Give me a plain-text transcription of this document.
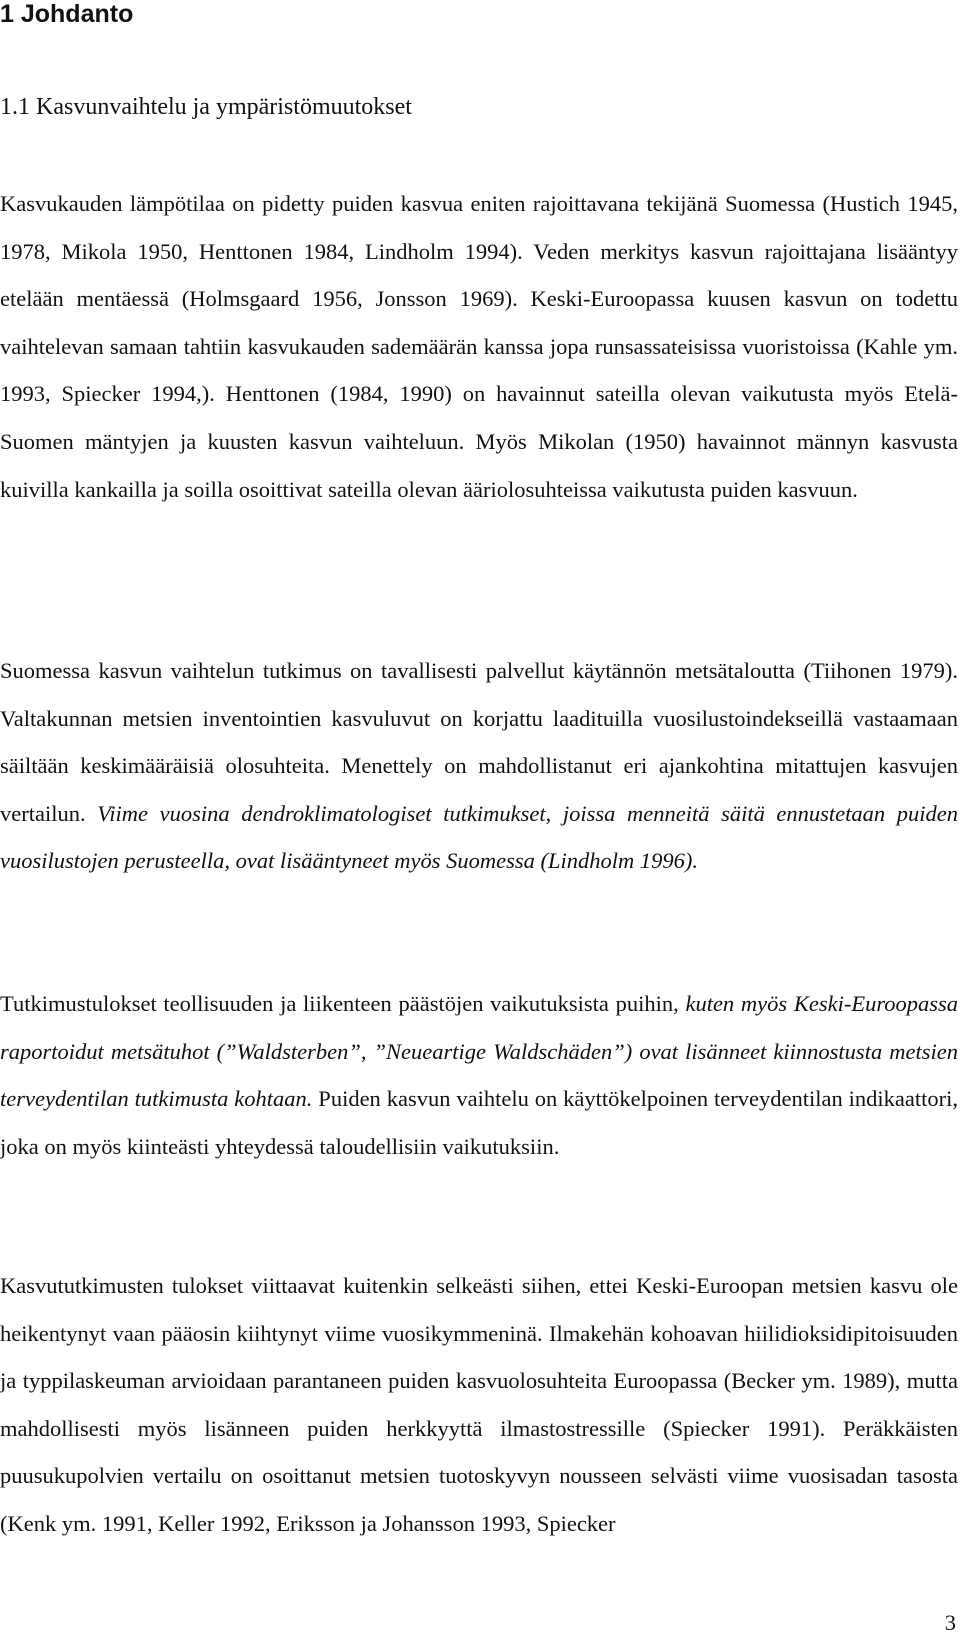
1 Johdanto
1.1 Kasvunvaihtelu ja ympäristömuutokset

Kasvukauden lämpötilaa on pidetty puiden kasvua eniten rajoittavana tekijänä Suomessa (Hustich 1945, 1978, Mikola 1950, Henttonen 1984, Lindholm 1994). Veden merkitys kasvun rajoittajana lisääntyy etelään mentäessä (Holmsgaard 1956, Jonsson 1969). Keski-Euroopassa kuusen kasvun on todettu vaihtelevan samaan tahtiin kasvukauden sademäärän kanssa jopa runsassateisissa vuoristoissa (Kahle ym. 1993, Spiecker 1994,). Henttonen (1984, 1990) on havainnut sateilla olevan vaikutusta myös Etelä-Suomen mäntyjen ja kuusten kasvun vaihteluun. Myös Mikolan (1950) havainnot männyn kasvusta kuivilla kankailla ja soilla osoittivat sateilla olevan ääriolosuhteissa vaikutusta puiden kasvuun.

Suomessa kasvun vaihtelun tutkimus on tavallisesti palvellut käytännön metsätaloutta (Tiihonen 1979). Valtakunnan metsien inventointien kasvuluvut on korjattu laadituilla vuosilustoindekseillä vastaamaan säiltään keskimääräisiä olosuhteita. Menettely on mahdollistanut eri ajankohtina mitattujen kasvujen vertailun. Viime vuosina dendroklimatologiset tutkimukset, joissa menneitä säitä ennustetaan puiden vuosilustojen perusteella, ovat lisääntyneet myös Suomessa (Lindholm 1996).

Tutkimustulokset teollisuuden ja liikenteen päästöjen vaikutuksista puihin, kuten myös Keski-Euroopassa raportoidut metsätuhot (”Waldsterben”, ”Neueartige Waldschäden”) ovat lisänneet kiinnostusta metsien terveydentilan tutkimusta kohtaan. Puiden kasvun vaihtelu on käyttökelpoinen terveydentilan indikaattori, joka on myös kiinteästi yhteydessä taloudellisiin vaikutuksiin.

Kasvututkimusten tulokset viittaavat kuitenkin selkeästi siihen, ettei Keski-Euroopan metsien kasvu ole heikentynyt vaan pääosin kiihtynyt viime vuosikymmeninä. Ilmakehän kohoavan hiilidioksidipitoisuuden ja typpilaskeuman arvioidaan parantaneen puiden kasvuolosuhteita Euroopassa (Becker ym. 1989), mutta mahdollisesti myös lisänneen puiden herkkyyttä ilmastostressille (Spiecker 1991). Peräkkäisten puusukupolvien vertailu on osoittanut metsien tuotoskyvyn nousseen selvästi viime vuosisadan tasosta (Kenk ym. 1991, Keller 1992, Eriksson ja Johansson 1993, Spiecker

3
